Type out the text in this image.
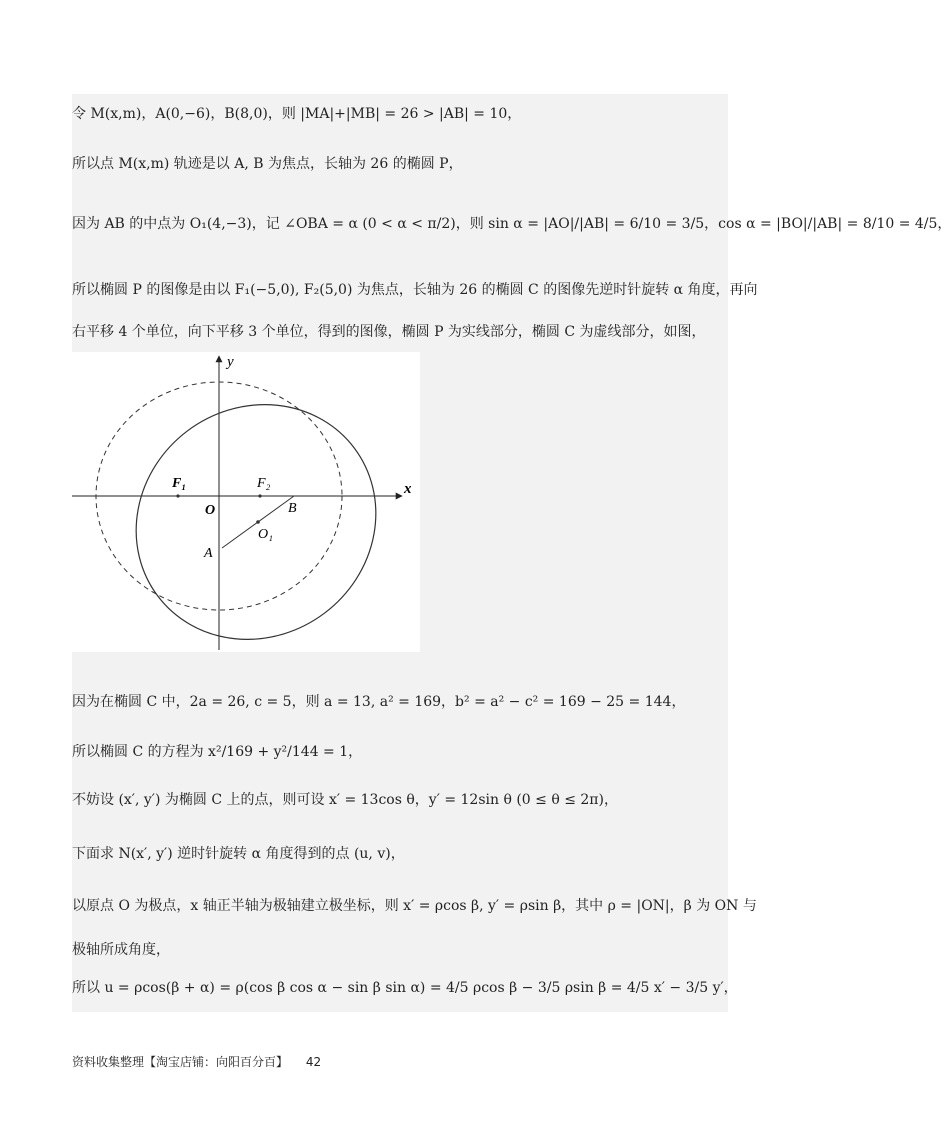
令 M(x,m)，A(0,−6)，B(8,0)，则 |MA|+|MB| = 26 > |AB| = 10，
所以点 M(x,m) 轨迹是以 A, B 为焦点，长轴为 26 的椭圆 P，
因为 AB 的中点为 O₁(4,−3)，记 ∠OBA = α (0 < α < π/2)，则 sin α = |AO|/|AB| = 6/10 = 3/5，cos α = |BO|/|AB| = 8/10 = 4/5，
所以椭圆 P 的图像是由以 F₁(−5,0), F₂(5,0) 为焦点，长轴为 26 的椭圆 C 的图像先逆时针旋转 α 角度，再向
右平移 4 个单位，向下平移 3 个单位，得到的图像，椭圆 P 为实线部分，椭圆 C 为虚线部分，如图，
x
y
F₁	F₂
O
O₁
A
B
因为在椭圆 C 中，2a = 26, c = 5，则 a = 13, a² = 169，b² = a² − c² = 169 − 25 = 144，
所以椭圆 C 的方程为 x²/169 + y²/144 = 1，
不妨设 (x′, y′) 为椭圆 C 上的点，则可设 x′ = 13cos θ，y′ = 12sin θ (0 ≤ θ ≤ 2π)，
下面求 N(x′, y′) 逆时针旋转 α 角度得到的点 (u, v)，
以原点 O 为极点，x 轴正半轴为极轴建立极坐标，则 x′ = ρcos β, y′ = ρsin β，其中 ρ = |ON|，β 为 ON 与
极轴所成角度，
所以 u = ρcos(β + α) = ρ(cos β cos α − sin β sin α) = 4/5 ρcos β − 3/5 ρsin β = 4/5 x′ − 3/5 y′，
资料收集整理【淘宝店铺：向阳百分百】 42
